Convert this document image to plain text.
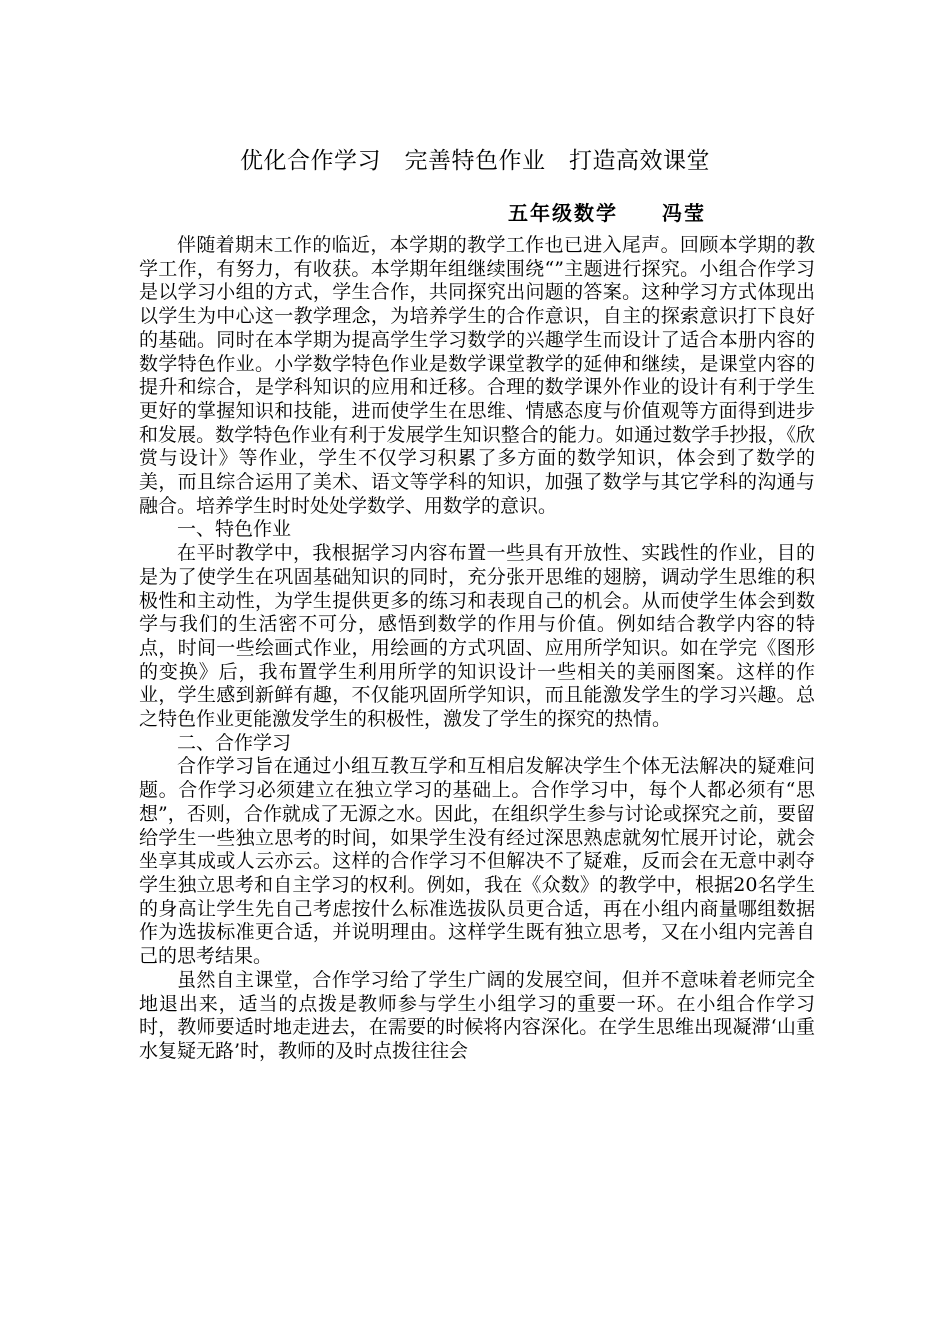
优化合作学习　完善特色作业　打造高效课堂
五年级数学　　冯莹

伴随着期末工作的临近，本学期的教学工作也已进入尾声。回顾本学期的教学工作，有努力，有收获。本学期年组继续围绕“”主题进行探究。小组合作学习是以学习小组的方式，学生合作，共同探究出问题的答案。这种学习方式体现出以学生为中心这一教学理念，为培养学生的合作意识，自主的探索意识打下良好的基础。同时在本学期为提高学生学习数学的兴趣学生而设计了适合本册内容的数学特色作业。小学数学特色作业是数学课堂教学的延伸和继续，是课堂内容的提升和综合，是学科知识的应用和迁移。合理的数学课外作业的设计有利于学生更好的掌握知识和技能，进而使学生在思维、情感态度与价值观等方面得到进步和发展。数学特色作业有利于发展学生知识整合的能力。如通过数学手抄报，《欣赏与设计》等作业，学生不仅学习积累了多方面的数学知识，体会到了数学的美，而且综合运用了美术、语文等学科的知识，加强了数学与其它学科的沟通与融合。培养学生时时处处学数学、用数学的意识。

一、特色作业

在平时教学中，我根据学习内容布置一些具有开放性、实践性的作业，目的是为了使学生在巩固基础知识的同时，充分张开思维的翅膀，调动学生思维的积极性和主动性，为学生提供更多的练习和表现自己的机会。从而使学生体会到数学与我们的生活密不可分，感悟到数学的作用与价值。例如结合教学内容的特点，时间一些绘画式作业，用绘画的方式巩固、应用所学知识。如在学完《图形的变换》后，我布置学生利用所学的知识设计一些相关的美丽图案。这样的作业，学生感到新鲜有趣，不仅能巩固所学知识，而且能激发学生的学习兴趣。总之特色作业更能激发学生的积极性，激发了学生的探究的热情。

二、合作学习

合作学习旨在通过小组互教互学和互相启发解决学生个体无法解决的疑难问题。合作学习必须建立在独立学习的基础上。合作学习中，每个人都必须有“思想”，否则，合作就成了无源之水。因此，在组织学生参与讨论或探究之前，要留给学生一些独立思考的时间，如果学生没有经过深思熟虑就匆忙展开讨论，就会坐享其成或人云亦云。这样的合作学习不但解决不了疑难，反而会在无意中剥夺学生独立思考和自主学习的权利。例如，我在《众数》的教学中，根据20名学生的身高让学生先自己考虑按什么标准选拔队员更合适，再在小组内商量哪组数据作为选拔标准更合适，并说明理由。这样学生既有独立思考，又在小组内完善自己的思考结果。

虽然自主课堂，合作学习给了学生广阔的发展空间，但并不意味着老师完全地退出来，适当的点拨是教师参与学生小组学习的重要一环。在小组合作学习时，教师要适时地走进去，在需要的时候将内容深化。在学生思维出现凝滞‘山重水复疑无路’时，教师的及时点拨往往会
